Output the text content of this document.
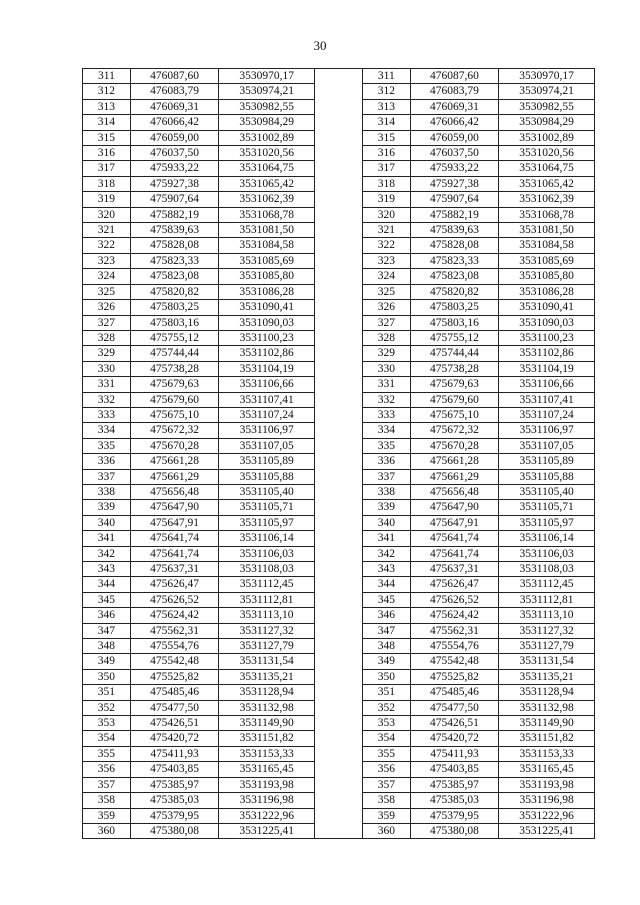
30
311	476087,60	3530970,17		311	476087,60	3530970,17
312	476083,79	3530974,21		312	476083,79	3530974,21
313	476069,31	3530982,55		313	476069,31	3530982,55
314	476066,42	3530984,29		314	476066,42	3530984,29
315	476059,00	3531002,89		315	476059,00	3531002,89
316	476037,50	3531020,56		316	476037,50	3531020,56
317	475933,22	3531064,75		317	475933,22	3531064,75
318	475927,38	3531065,42		318	475927,38	3531065,42
319	475907,64	3531062,39		319	475907,64	3531062,39
320	475882,19	3531068,78		320	475882,19	3531068,78
321	475839,63	3531081,50		321	475839,63	3531081,50
322	475828,08	3531084,58		322	475828,08	3531084,58
323	475823,33	3531085,69		323	475823,33	3531085,69
324	475823,08	3531085,80		324	475823,08	3531085,80
325	475820,82	3531086,28		325	475820,82	3531086,28
326	475803,25	3531090,41		326	475803,25	3531090,41
327	475803,16	3531090,03		327	475803,16	3531090,03
328	475755,12	3531100,23		328	475755,12	3531100,23
329	475744,44	3531102,86		329	475744,44	3531102,86
330	475738,28	3531104,19		330	475738,28	3531104,19
331	475679,63	3531106,66		331	475679,63	3531106,66
332	475679,60	3531107,41		332	475679,60	3531107,41
333	475675,10	3531107,24		333	475675,10	3531107,24
334	475672,32	3531106,97		334	475672,32	3531106,97
335	475670,28	3531107,05		335	475670,28	3531107,05
336	475661,28	3531105,89		336	475661,28	3531105,89
337	475661,29	3531105,88		337	475661,29	3531105,88
338	475656,48	3531105,40		338	475656,48	3531105,40
339	475647,90	3531105,71		339	475647,90	3531105,71
340	475647,91	3531105,97		340	475647,91	3531105,97
341	475641,74	3531106,14		341	475641,74	3531106,14
342	475641,74	3531106,03		342	475641,74	3531106,03
343	475637,31	3531108,03		343	475637,31	3531108,03
344	475626,47	3531112,45		344	475626,47	3531112,45
345	475626,52	3531112,81		345	475626,52	3531112,81
346	475624,42	3531113,10		346	475624,42	3531113,10
347	475562,31	3531127,32		347	475562,31	3531127,32
348	475554,76	3531127,79		348	475554,76	3531127,79
349	475542,48	3531131,54		349	475542,48	3531131,54
350	475525,82	3531135,21		350	475525,82	3531135,21
351	475485,46	3531128,94		351	475485,46	3531128,94
352	475477,50	3531132,98		352	475477,50	3531132,98
353	475426,51	3531149,90		353	475426,51	3531149,90
354	475420,72	3531151,82		354	475420,72	3531151,82
355	475411,93	3531153,33		355	475411,93	3531153,33
356	475403,85	3531165,45		356	475403,85	3531165,45
357	475385,97	3531193,98		357	475385,97	3531193,98
358	475385,03	3531196,98		358	475385,03	3531196,98
359	475379,95	3531222,96		359	475379,95	3531222,96
360	475380,08	3531225,41		360	475380,08	3531225,41
